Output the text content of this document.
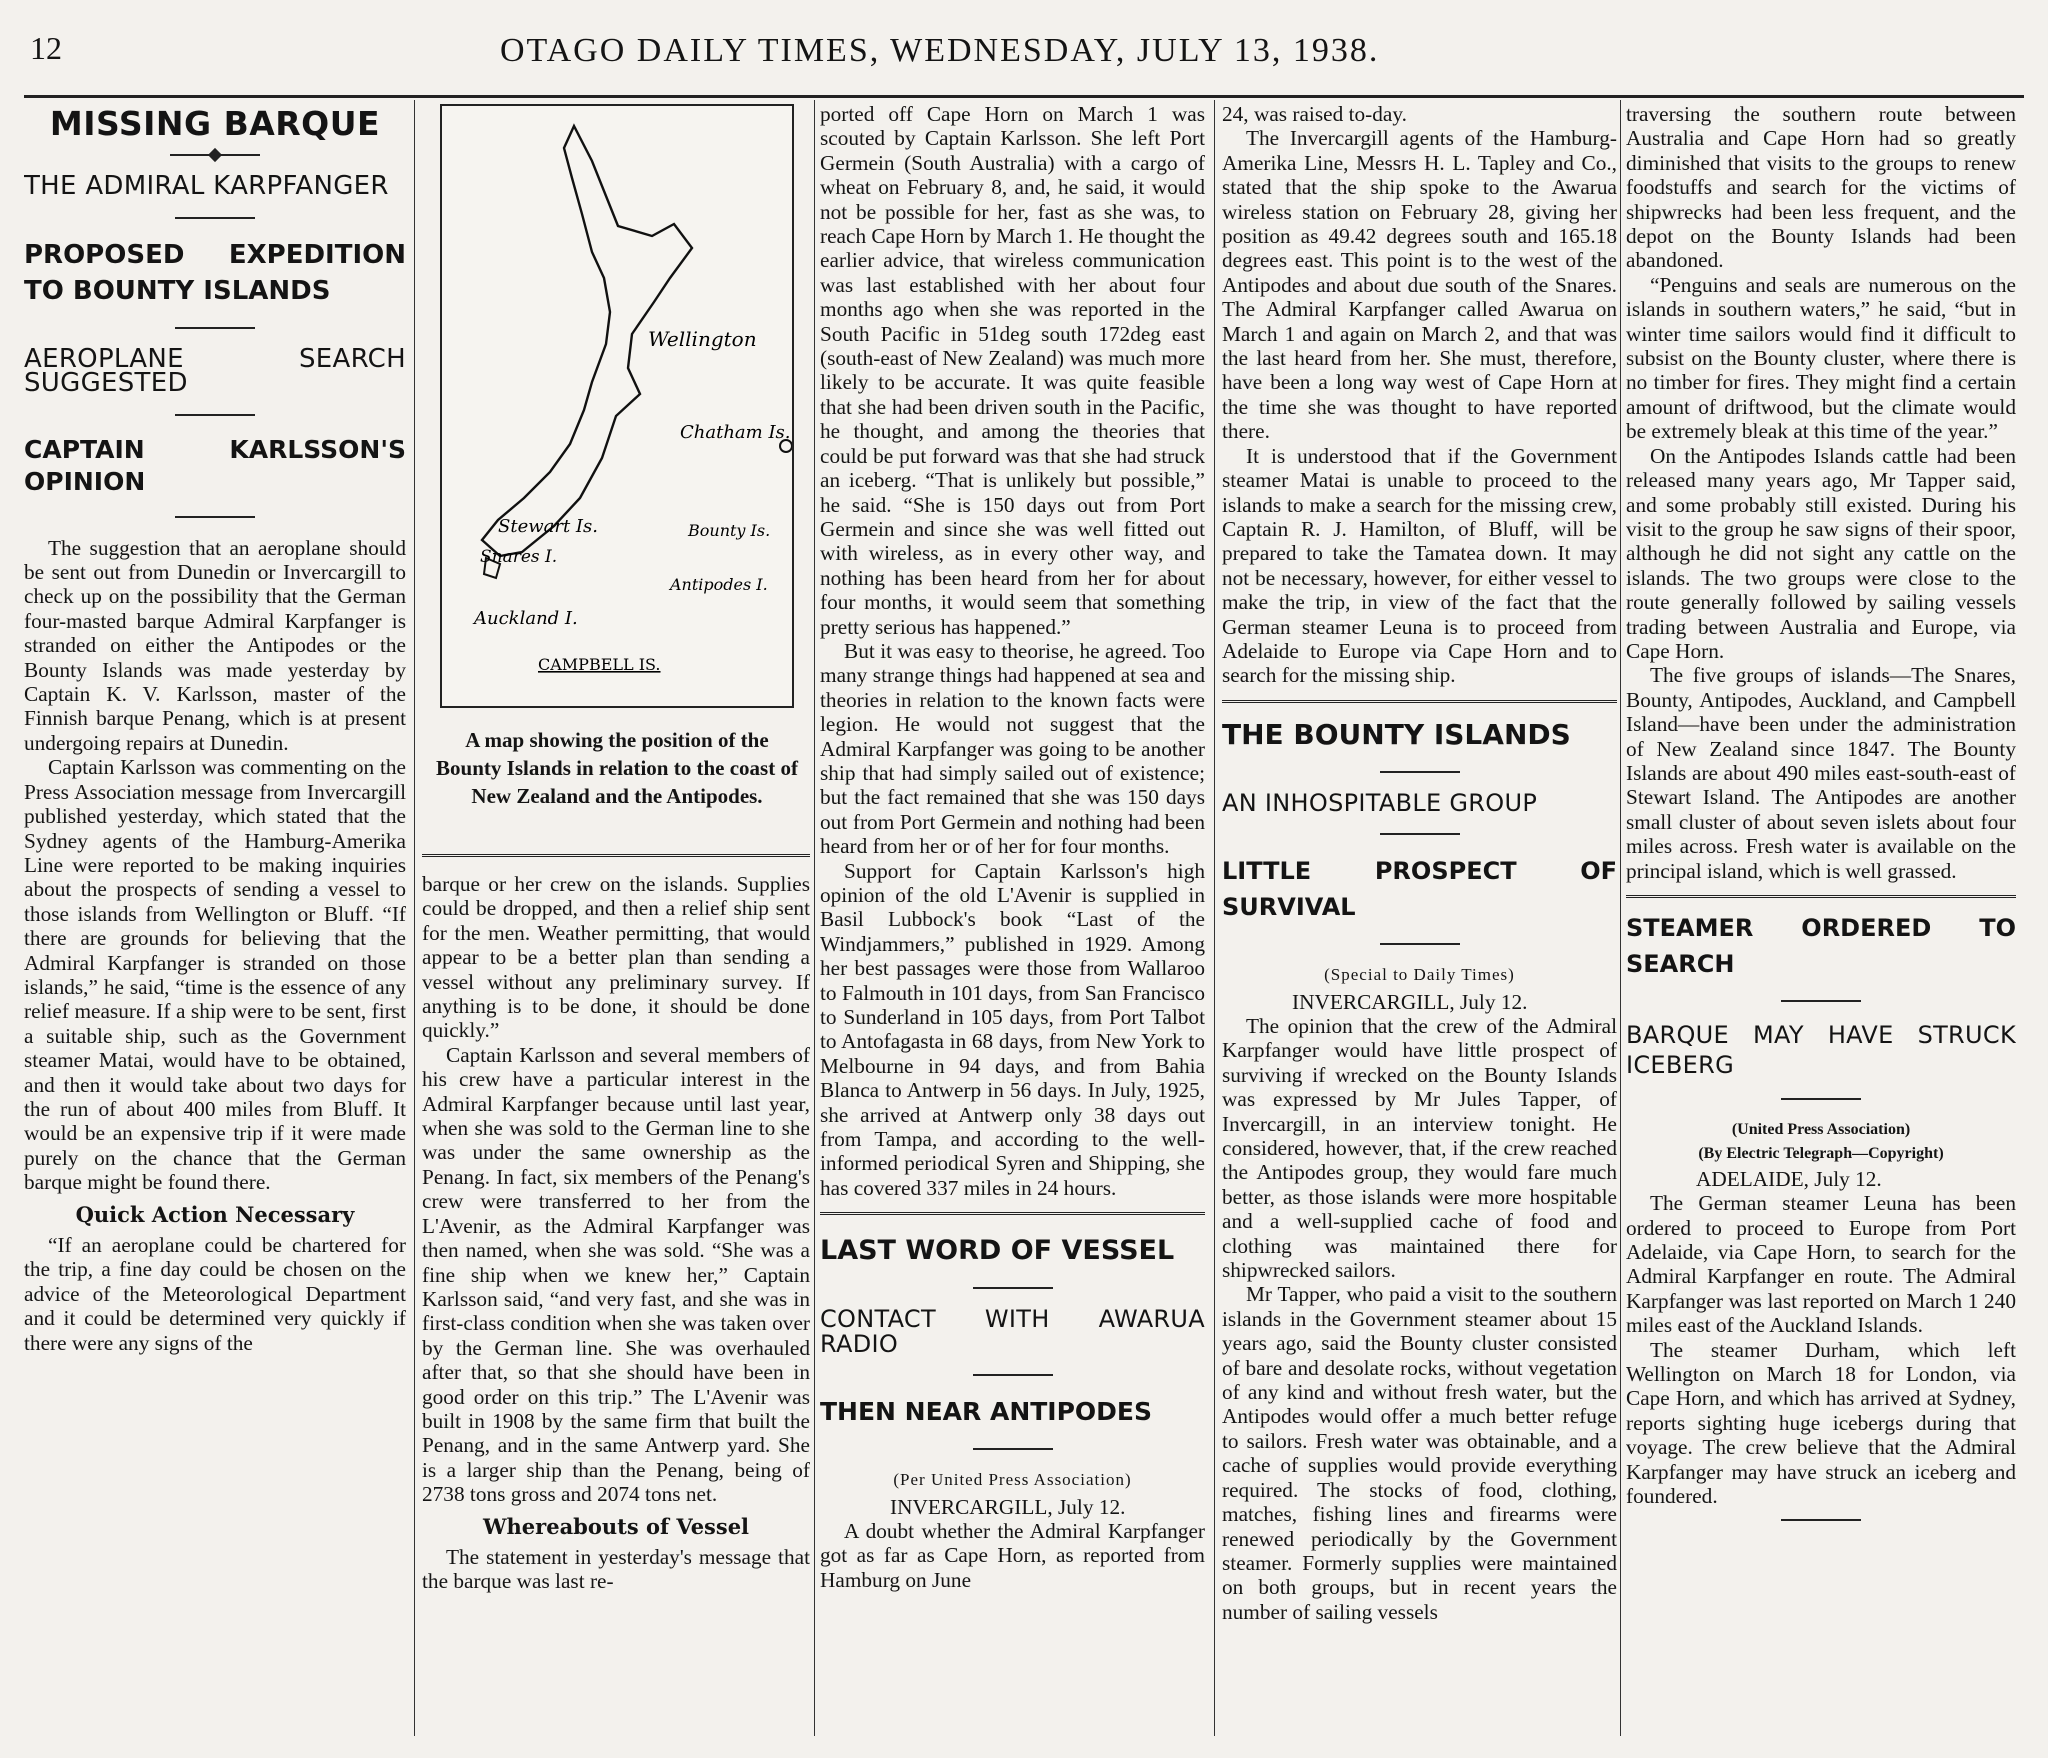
12	OTAGO DAILY TIMES, WEDNESDAY, JULY 13, 1938.
MISSING BARQUE

THE ADMIRAL KARPFANGER

PROPOSED EXPEDITION TO BOUNTY ISLANDS

AEROPLANE SEARCH SUGGESTED

CAPTAIN KARLSSON'S OPINION

The suggestion that an aeroplane should be sent out from Dunedin or Invercargill to check up on the possibility that the German four-masted barque Admiral Karpfanger is stranded on either the Antipodes or the Bounty Islands was made yesterday by Captain K. V. Karlsson, master of the Finnish barque Penang, which is at present undergoing repairs at Dunedin.

Captain Karlsson was commenting on the Press Association message from Invercargill published yesterday, which stated that the Sydney agents of the Hamburg-Amerika Line were reported to be making inquiries about the prospects of sending a vessel to those islands from Wellington or Bluff. “If there are grounds for believing that the Admiral Karpfanger is stranded on those islands,” he said, “time is the essence of any relief measure. If a ship were to be sent, first a suitable ship, such as the Government steamer Matai, would have to be obtained, and then it would take about two days for the run of about 400 miles from Bluff. It would be an expensive trip if it were made purely on the chance that the German barque might be found there.

Quick Action Necessary

“If an aeroplane could be chartered for the trip, a fine day could be chosen on the advice of the Meteorological Department and it could be determined very quickly if there were any signs of the

Wellington
Chatham Is.
Stewart Is.	Bounty Is.
Snares I.
Antipodes I.
Auckland I.
CAMPBELL IS.
A map showing the position of the Bounty Islands in relation to the coast of New Zealand and the Antipodes.

barque or her crew on the islands. Supplies could be dropped, and then a relief ship sent for the men. Weather permitting, that would appear to be a better plan than sending a vessel without any preliminary survey. If anything is to be done, it should be done quickly.”

Captain Karlsson and several members of his crew have a particular interest in the Admiral Karpfanger because until last year, when she was sold to the German line to she was under the same ownership as the Penang. In fact, six members of the Penang's crew were transferred to her from the L'Avenir, as the Admiral Karpfanger was then named, when she was sold. “She was a fine ship when we knew her,” Captain Karlsson said, “and very fast, and she was in first-class condition when she was taken over by the German line. She was overhauled after that, so that she should have been in good order on this trip.” The L'Avenir was built in 1908 by the same firm that built the Penang, and in the same Antwerp yard. She is a larger ship than the Penang, being of 2738 tons gross and 2074 tons net.

Whereabouts of Vessel

The statement in yesterday's message that the barque was last re-

ported off Cape Horn on March 1 was scouted by Captain Karlsson. She left Port Germein (South Australia) with a cargo of wheat on February 8, and, he said, it would not be possible for her, fast as she was, to reach Cape Horn by March 1. He thought the earlier advice, that wireless communication was last established with her about four months ago when she was reported in the South Pacific in 51deg south 172deg east (south-east of New Zealand) was much more likely to be accurate. It was quite feasible that she had been driven south in the Pacific, he thought, and among the theories that could be put forward was that she had struck an iceberg. “That is unlikely but possible,” he said. “She is 150 days out from Port Germein and since she was well fitted out with wireless, as in every other way, and nothing has been heard from her for about four months, it would seem that something pretty serious has happened.”

But it was easy to theorise, he agreed. Too many strange things had happened at sea and theories in relation to the known facts were legion. He would not suggest that the Admiral Karpfanger was going to be another ship that had simply sailed out of existence; but the fact remained that she was 150 days out from Port Germein and nothing had been heard from her or of her for four months.

Support for Captain Karlsson's high opinion of the old L'Avenir is supplied in Basil Lubbock's book “Last of the Windjammers,” published in 1929. Among her best passages were those from Wallaroo to Falmouth in 101 days, from San Francisco to Sunderland in 105 days, from Port Talbot to Antofagasta in 68 days, from New York to Melbourne in 94 days, and from Bahia Blanca to Antwerp in 56 days. In July, 1925, she arrived at Antwerp only 38 days out from Tampa, and according to the well-informed periodical Syren and Shipping, she has covered 337 miles in 24 hours.

LAST WORD OF VESSEL

CONTACT WITH AWARUA RADIO

THEN NEAR ANTIPODES

(Per United Press Association)
INVERCARGILL, July 12.

A doubt whether the Admiral Karpfanger got as far as Cape Horn, as reported from Hamburg on June

24, was raised to-day.

The Invercargill agents of the Hamburg-Amerika Line, Messrs H. L. Tapley and Co., stated that the ship spoke to the Awarua wireless station on February 28, giving her position as 49.42 degrees south and 165.18 degrees east. This point is to the west of the Antipodes and about due south of the Snares. The Admiral Karpfanger called Awarua on March 1 and again on March 2, and that was the last heard from her. She must, therefore, have been a long way west of Cape Horn at the time she was thought to have reported there.

It is understood that if the Government steamer Matai is unable to proceed to the islands to make a search for the missing crew, Captain R. J. Hamilton, of Bluff, will be prepared to take the Tamatea down. It may not be necessary, however, for either vessel to make the trip, in view of the fact that the German steamer Leuna is to proceed from Adelaide to Europe via Cape Horn and to search for the missing ship.

THE BOUNTY ISLANDS

AN INHOSPITABLE GROUP

LITTLE PROSPECT OF SURVIVAL

(Special to Daily Times)
INVERCARGILL, July 12.

The opinion that the crew of the Admiral Karpfanger would have little prospect of surviving if wrecked on the Bounty Islands was expressed by Mr Jules Tapper, of Invercargill, in an interview tonight. He considered, however, that, if the crew reached the Antipodes group, they would fare much better, as those islands were more hospitable and a well-supplied cache of food and clothing was maintained there for shipwrecked sailors.

Mr Tapper, who paid a visit to the southern islands in the Government steamer about 15 years ago, said the Bounty cluster consisted of bare and desolate rocks, without vegetation of any kind and without fresh water, but the Antipodes would offer a much better refuge to sailors. Fresh water was obtainable, and a cache of supplies would provide everything required. The stocks of food, clothing, matches, fishing lines and firearms were renewed periodically by the Government steamer. Formerly supplies were maintained on both groups, but in recent years the number of sailing vessels

traversing the southern route between Australia and Cape Horn had so greatly diminished that visits to the groups to renew foodstuffs and search for the victims of shipwrecks had been less frequent, and the depot on the Bounty Islands had been abandoned.

“Penguins and seals are numerous on the islands in southern waters,” he said, “but in winter time sailors would find it difficult to subsist on the Bounty cluster, where there is no timber for fires. They might find a certain amount of driftwood, but the climate would be extremely bleak at this time of the year.”

On the Antipodes Islands cattle had been released many years ago, Mr Tapper said, and some probably still existed. During his visit to the group he saw signs of their spoor, although he did not sight any cattle on the islands. The two groups were close to the route generally followed by sailing vessels trading between Australia and Europe, via Cape Horn.

The five groups of islands—The Snares, Bounty, Antipodes, Auckland, and Campbell Island—have been under the administration of New Zealand since 1847. The Bounty Islands are about 490 miles east-south-east of Stewart Island. The Antipodes are another small cluster of about seven islets about four miles across. Fresh water is available on the principal island, which is well grassed.

STEAMER ORDERED TO SEARCH

BARQUE MAY HAVE STRUCK ICEBERG

(United Press Association)
(By Electric Telegraph—Copyright)
ADELAIDE, July 12.

The German steamer Leuna has been ordered to proceed to Europe from Port Adelaide, via Cape Horn, to search for the Admiral Karpfanger en route. The Admiral Karpfanger was last reported on March 1 240 miles east of the Auckland Islands.

The steamer Durham, which left Wellington on March 18 for London, via Cape Horn, and which has arrived at Sydney, reports sighting huge icebergs during that voyage. The crew believe that the Admiral Karpfanger may have struck an iceberg and foundered.
